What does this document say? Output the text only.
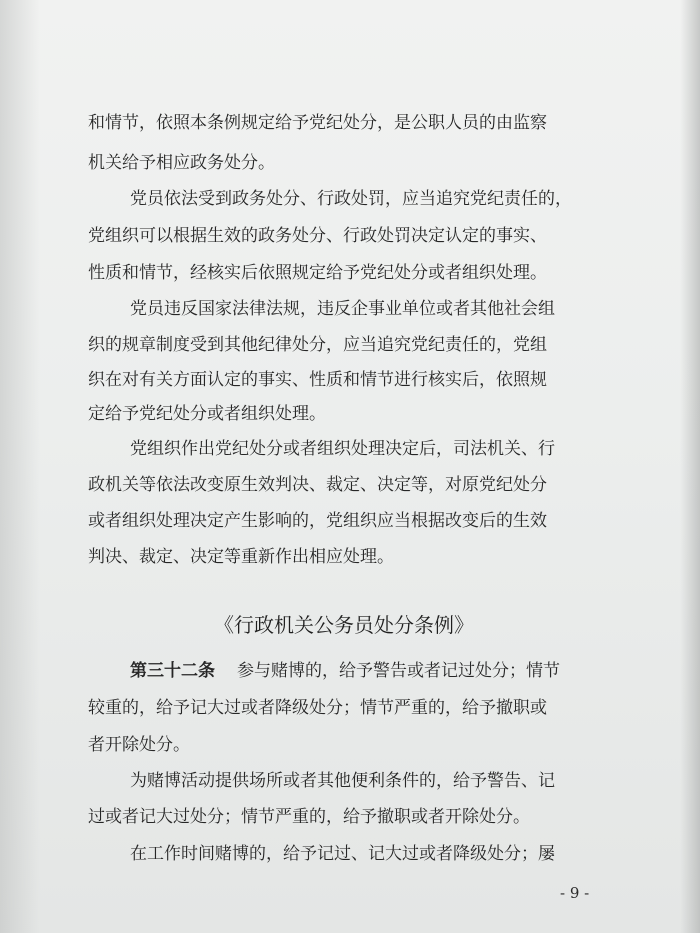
和情节，依照本条例规定给予党纪处分，是公职人员的由监察
机关给予相应政务处分。
党员依法受到政务处分、行政处罚，应当追究党纪责任的，
党组织可以根据生效的政务处分、行政处罚决定认定的事实、
性质和情节，经核实后依照规定给予党纪处分或者组织处理。
党员违反国家法律法规，违反企事业单位或者其他社会组
织的规章制度受到其他纪律处分，应当追究党纪责任的，党组
织在对有关方面认定的事实、性质和情节进行核实后，依照规
定给予党纪处分或者组织处理。
党组织作出党纪处分或者组织处理决定后，司法机关、行
政机关等依法改变原生效判决、裁定、决定等，对原党纪处分
或者组织处理决定产生影响的，党组织应当根据改变后的生效
判决、裁定、决定等重新作出相应处理。
《行政机关公务员处分条例》
第三十二条 参与赌博的，给予警告或者记过处分；情节
较重的，给予记大过或者降级处分；情节严重的，给予撤职或
者开除处分。
为赌博活动提供场所或者其他便利条件的，给予警告、记
过或者记大过处分；情节严重的，给予撤职或者开除处分。
在工作时间赌博的，给予记过、记大过或者降级处分；屡
- 9 -
